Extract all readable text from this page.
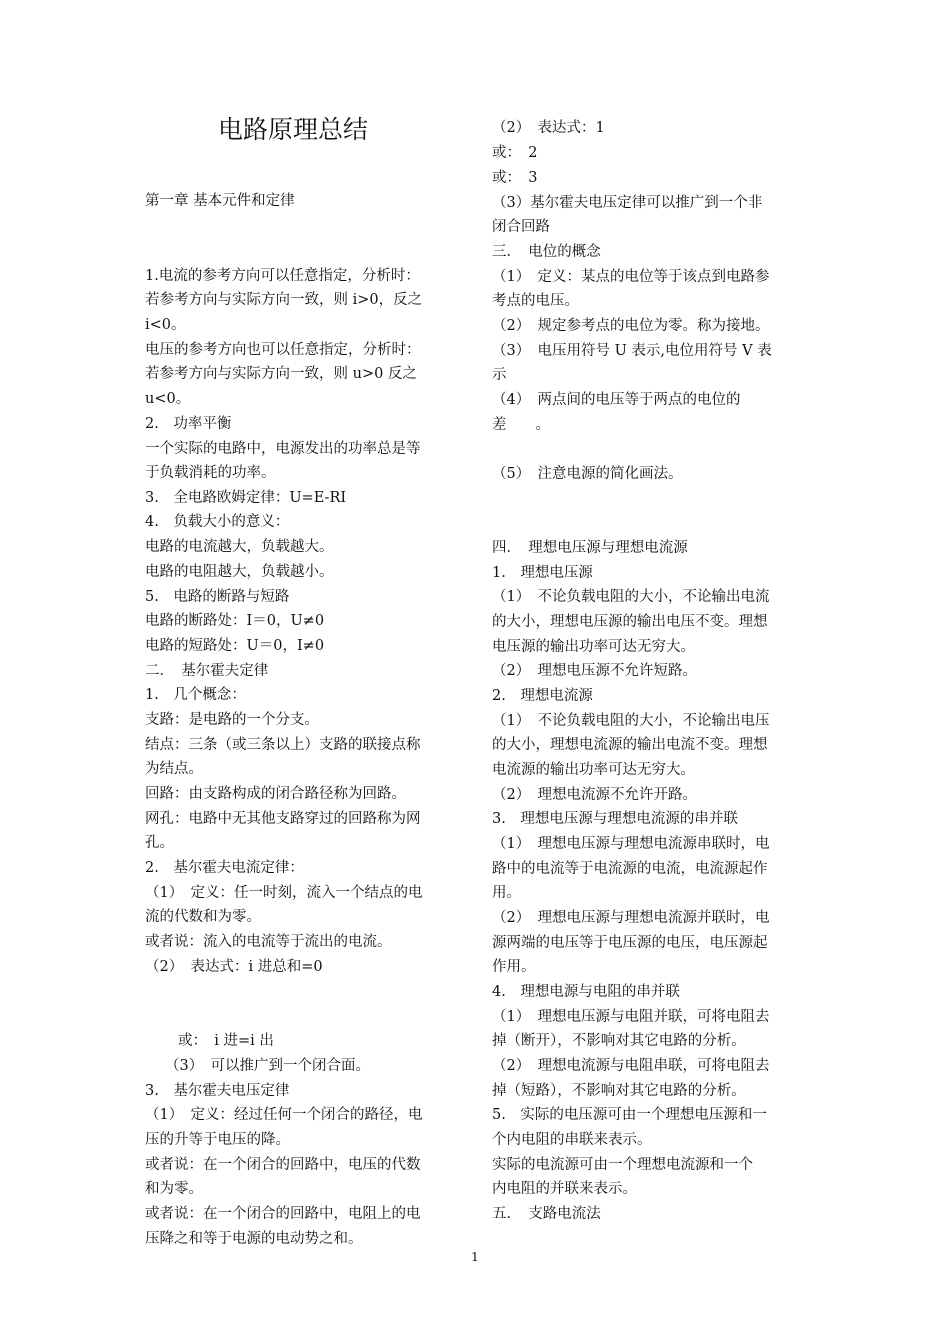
电路原理总结
第一章 基本元件和定律
1.电流的参考方向可以任意指定，分析时：
若参考方向与实际方向一致，则 i>0，反之
i<0。
电压的参考方向也可以任意指定，分析时：
若参考方向与实际方向一致，则 u>0 反之
u<0。
2.　功率平衡
一个实际的电路中，电源发出的功率总是等
于负载消耗的功率。
3.　全电路欧姆定律：U=E-RI
4.　负载大小的意义：
电路的电流越大，负载越大。
电路的电阻越大，负载越小。
5.　电路的断路与短路
电路的断路处：I＝0，U≠0
电路的短路处：U＝0，I≠0
二．　基尔霍夫定律
1.　几个概念：
支路：是电路的一个分支。
结点：三条（或三条以上）支路的联接点称
为结点。
回路：由支路构成的闭合路径称为回路。
网孔：电路中无其他支路穿过的回路称为网
孔。
2.　基尔霍夫电流定律：
（1）　定义：任一时刻，流入一个结点的电
流的代数和为零。
或者说：流入的电流等于流出的电流。
（2）　表达式：i 进总和=0
或：　i 进=i 出
（3）　可以推广到一个闭合面。
3.　基尔霍夫电压定律
（1）　定义：经过任何一个闭合的路径，电
压的升等于电压的降。
或者说：在一个闭合的回路中，电压的代数
和为零。
或者说：在一个闭合的回路中，电阻上的电
压降之和等于电源的电动势之和。
（2）　表达式：1
或：　2
或：　3
（3）基尔霍夫电压定律可以推广到一个非
闭合回路
三．　电位的概念
（1）　定义：某点的电位等于该点到电路参
考点的电压。
（2）　规定参考点的电位为零。称为接地。
（3）　电压用符号 U 表示,电位用符号 V 表
示
（4）　两点间的电压等于两点的电位的
差　　。
（5）　注意电源的简化画法。
四．　理想电压源与理想电流源
1.　理想电压源
（1）　不论负载电阻的大小，不论输出电流
的大小，理想电压源的输出电压不变。理想
电压源的输出功率可达无穷大。
（2）　理想电压源不允许短路。
2.　理想电流源
（1）　不论负载电阻的大小，不论输出电压
的大小，理想电流源的输出电流不变。理想
电流源的输出功率可达无穷大。
（2）　理想电流源不允许开路。
3.　理想电压源与理想电流源的串并联
（1）　理想电压源与理想电流源串联时，电
路中的电流等于电流源的电流，电流源起作
用。
（2）　理想电压源与理想电流源并联时，电
源两端的电压等于电压源的电压，电压源起
作用。
4.　理想电源与电阻的串并联
（1）　理想电压源与电阻并联，可将电阻去
掉（断开），不影响对其它电路的分析。
（2）　理想电流源与电阻串联，可将电阻去
掉（短路），不影响对其它电路的分析。
5.　实际的电压源可由一个理想电压源和一
个内电阻的串联来表示。
实际的电流源可由一个理想电流源和一个
内电阻的并联来表示。
五．　支路电流法
1
